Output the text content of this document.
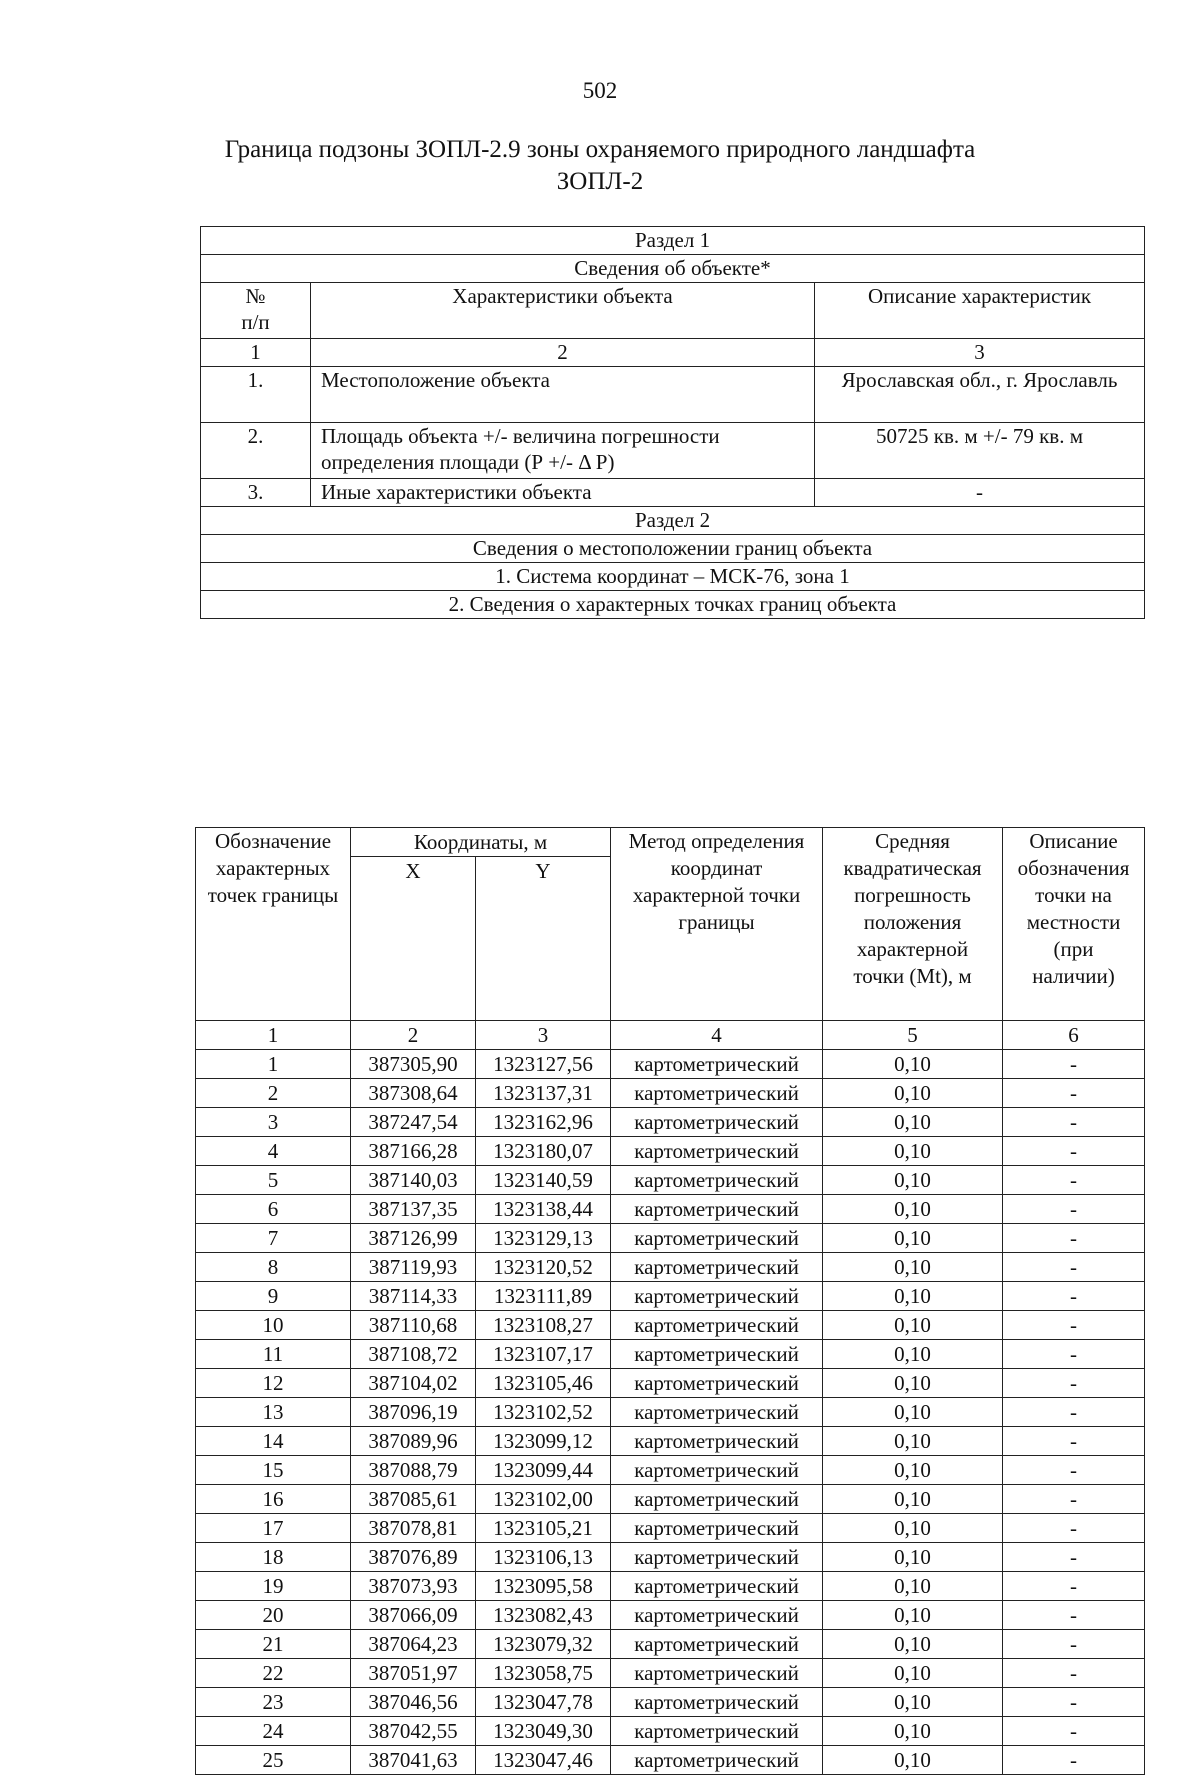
502
Граница подзоны ЗОПЛ-2.9 зоны охраняемого природного ландшафта
ЗОПЛ-2
Раздел 1		
Сведения об объекте*		
№
п/п	Характеристики объекта	Описание характеристик
1	2	3
1.	Местоположение объекта	Ярославская обл., г. Ярославль
2.	Площадь объекта +/- величина погрешности определения площади (Р +/- Δ Р)	50725 кв. м +/- 79 кв. м
3.	Иные характеристики объекта	-
Раздел 2		
Сведения о местоположении границ объекта		
1. Система координат – МСК-76, зона 1		
2. Сведения о характерных точках границ объекта		
Обозначение характерных точек границы	Координаты, м		Метод определения координат характерной точки границы	Средняя квадратическая погрешность положения характерной точки (Mt), м	Описание обозначения точки на местности (при наличии)
	X	Y			
1	2	3	4	5	6
1	387305,90	1323127,56	картометрический	0,10	-
2	387308,64	1323137,31	картометрический	0,10	-
3	387247,54	1323162,96	картометрический	0,10	-
4	387166,28	1323180,07	картометрический	0,10	-
5	387140,03	1323140,59	картометрический	0,10	-
6	387137,35	1323138,44	картометрический	0,10	-
7	387126,99	1323129,13	картометрический	0,10	-
8	387119,93	1323120,52	картометрический	0,10	-
9	387114,33	1323111,89	картометрический	0,10	-
10	387110,68	1323108,27	картометрический	0,10	-
11	387108,72	1323107,17	картометрический	0,10	-
12	387104,02	1323105,46	картометрический	0,10	-
13	387096,19	1323102,52	картометрический	0,10	-
14	387089,96	1323099,12	картометрический	0,10	-
15	387088,79	1323099,44	картометрический	0,10	-
16	387085,61	1323102,00	картометрический	0,10	-
17	387078,81	1323105,21	картометрический	0,10	-
18	387076,89	1323106,13	картометрический	0,10	-
19	387073,93	1323095,58	картометрический	0,10	-
20	387066,09	1323082,43	картометрический	0,10	-
21	387064,23	1323079,32	картометрический	0,10	-
22	387051,97	1323058,75	картометрический	0,10	-
23	387046,56	1323047,78	картометрический	0,10	-
24	387042,55	1323049,30	картометрический	0,10	-
25	387041,63	1323047,46	картометрический	0,10	-
